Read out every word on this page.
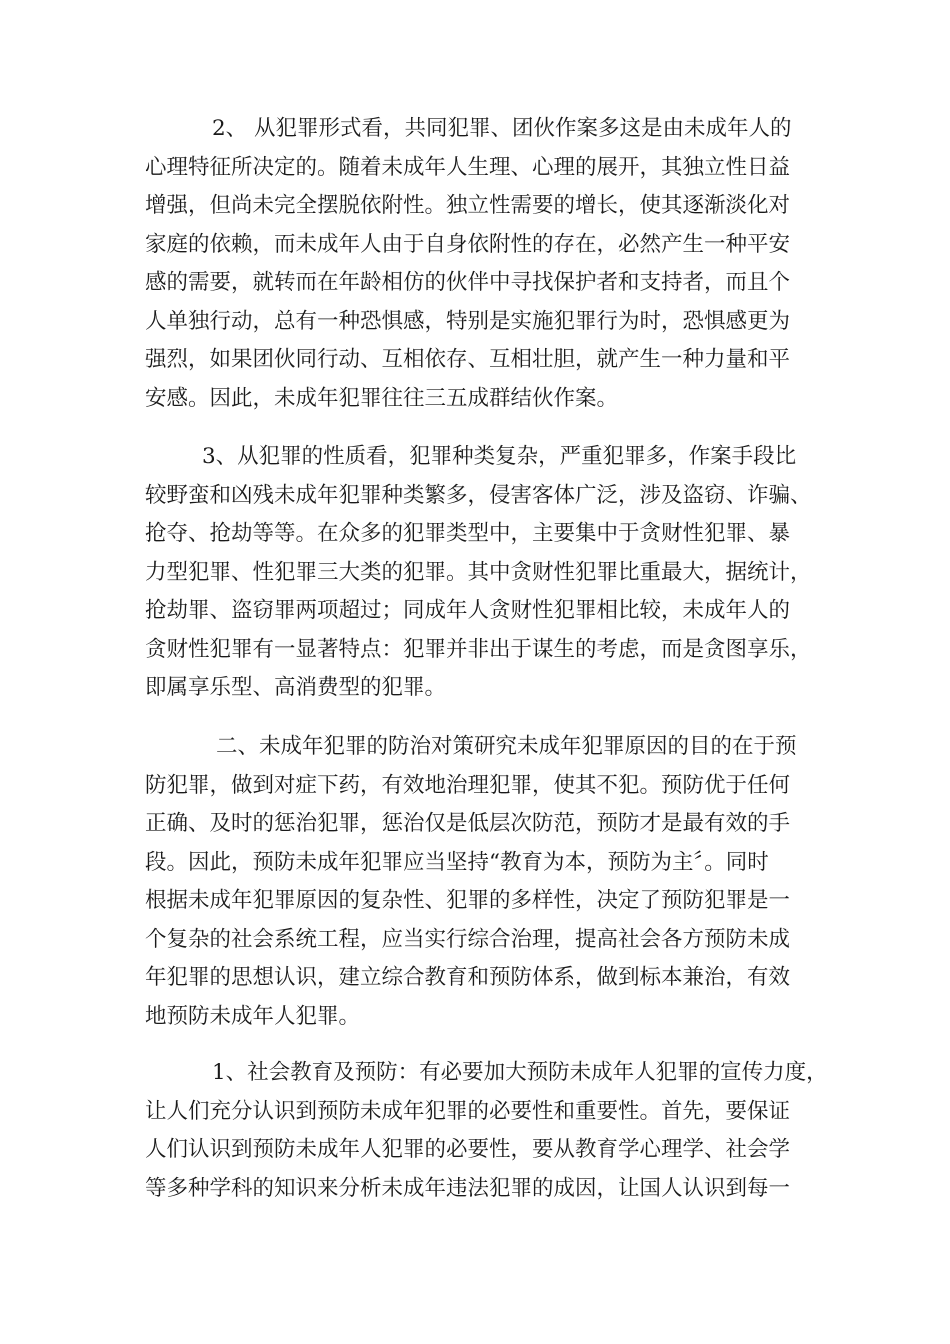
2、 从犯罪形式看，共同犯罪、团伙作案多这是由未成年人的
心理特征所决定的。随着未成年人生理、心理的展开，其独立性日益
增强，但尚未完全摆脱依附性。独立性需要的增长，使其逐渐淡化对
家庭的依赖，而未成年人由于自身依附性的存在，必然产生一种平安
感的需要，就转而在年龄相仿的伙伴中寻找保护者和支持者，而且个
人单独行动，总有一种恐惧感，特别是实施犯罪行为时，恐惧感更为
强烈，如果团伙同行动、互相依存、互相壮胆，就产生一种力量和平
安感。因此，未成年犯罪往往三五成群结伙作案。
3、从犯罪的性质看，犯罪种类复杂，严重犯罪多，作案手段比
较野蛮和凶残未成年犯罪种类繁多，侵害客体广泛，涉及盗窃、诈骗、
抢夺、抢劫等等。在众多的犯罪类型中，主要集中于贪财性犯罪、暴
力型犯罪、性犯罪三大类的犯罪。其中贪财性犯罪比重最大，据统计，
抢劫罪、盗窃罪两项超过；同成年人贪财性犯罪相比较，未成年人的
贪财性犯罪有一显著特点：犯罪并非出于谋生的考虑，而是贪图享乐，
即属享乐型、高消费型的犯罪。
二、未成年犯罪的防治对策研究未成年犯罪原因的目的在于预
防犯罪，做到对症下药，有效地治理犯罪，使其不犯。预防优于任何
正确、及时的惩治犯罪，惩治仅是低层次防范，预防才是最有效的手
段。因此，预防未成年犯罪应当坚持“教育为本，预防为主〞。同时
根据未成年犯罪原因的复杂性、犯罪的多样性，决定了预防犯罪是一
个复杂的社会系统工程，应当实行综合治理，提高社会各方预防未成
年犯罪的思想认识，建立综合教育和预防体系，做到标本兼治，有效
地预防未成年人犯罪。
1、社会教育及预防：有必要加大预防未成年人犯罪的宣传力度，
让人们充分认识到预防未成年犯罪的必要性和重要性。首先，要保证
人们认识到预防未成年人犯罪的必要性，要从教育学心理学、社会学
等多种学科的知识来分析未成年违法犯罪的成因，让国人认识到每一
